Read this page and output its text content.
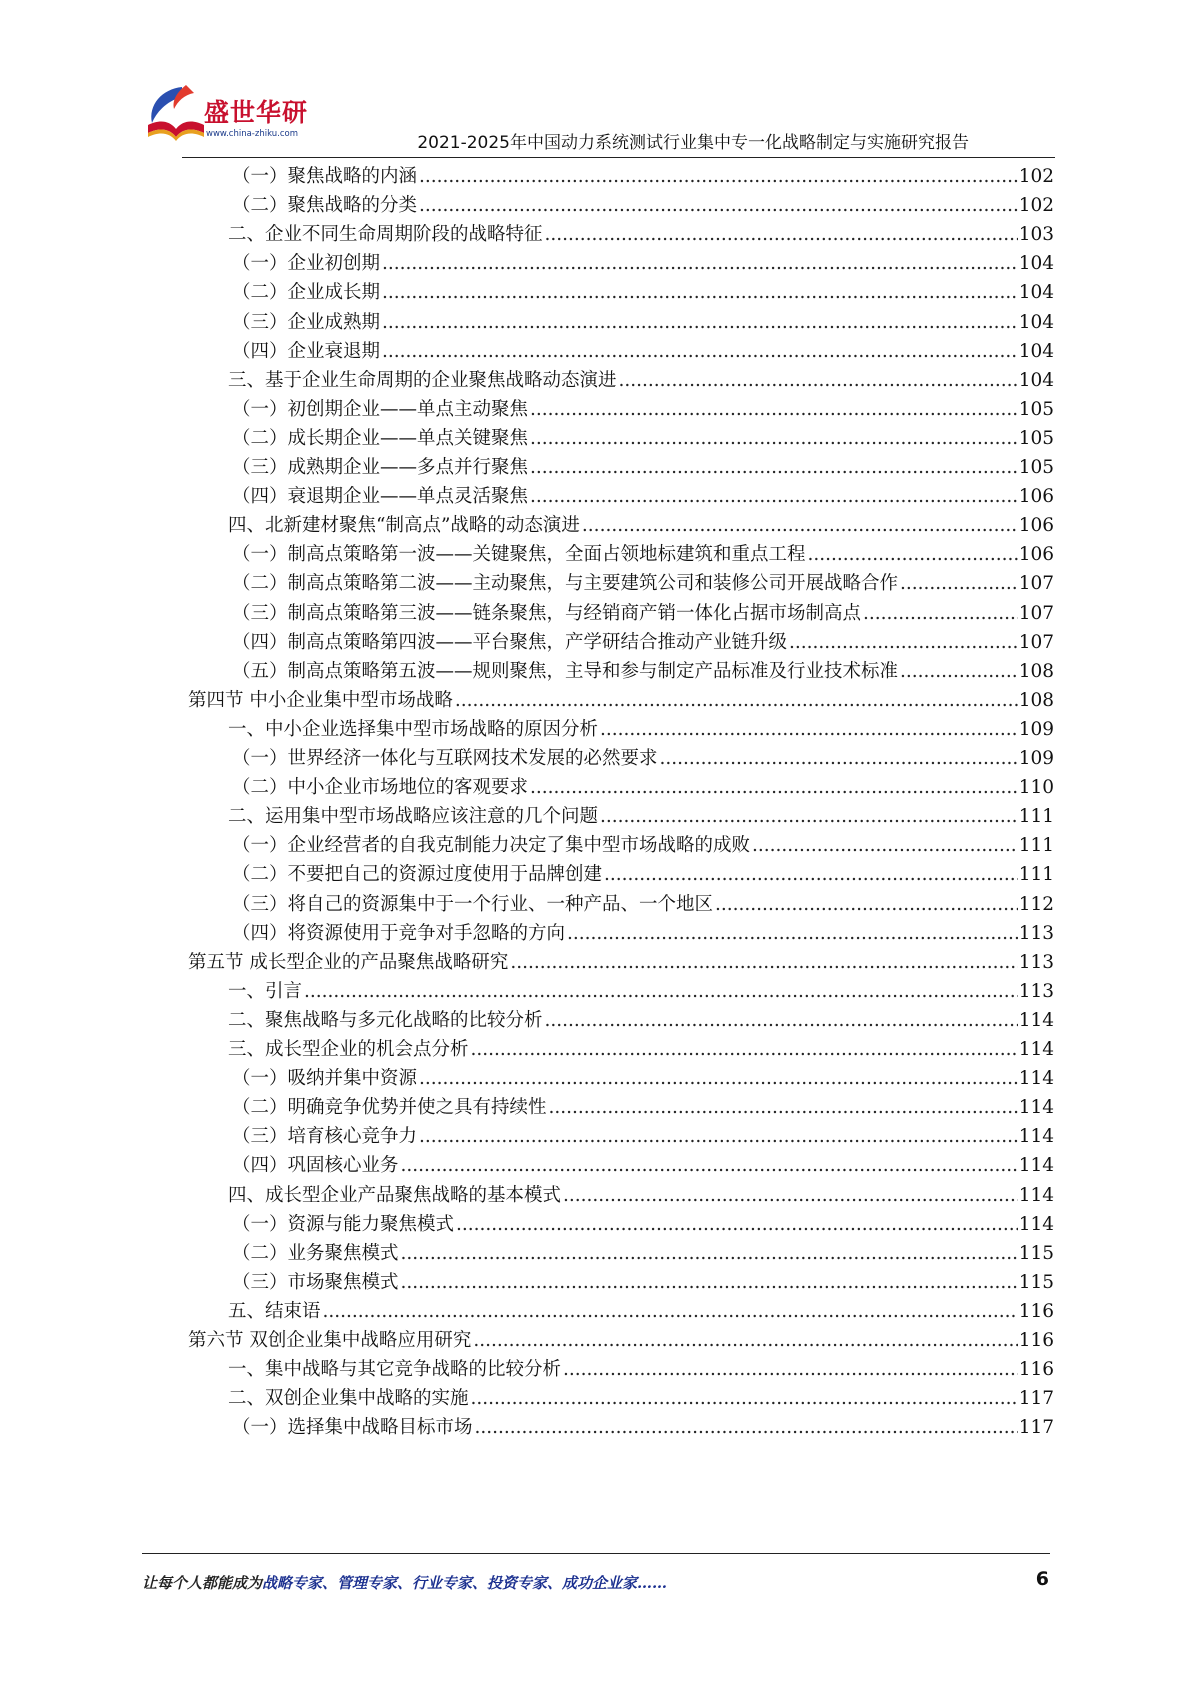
盛世华研
www.china-zhiku.com	2021-2025年中国动力系统测试行业集中专一化战略制定与实施研究报告
（一）聚焦战略的内涵 .....	102
（二）聚焦战略的分类 .....	102
二、企业不同生命周期阶段的战略特征 .....	103
（一）企业初创期 .....	104
（二）企业成长期 .....	104
（三）企业成熟期 .....	104
（四）企业衰退期 .....	104
三、基于企业生命周期的企业聚焦战略动态演进 .....	104
（一）初创期企业——单点主动聚焦 .....	105
（二）成长期企业——单点关键聚焦 .....	105
（三）成熟期企业——多点并行聚焦 .....	105
（四）衰退期企业——单点灵活聚焦 .....	106
四、北新建材聚焦“制高点”战略的动态演进 .....	106
（一）制高点策略第一波——关键聚焦，全面占领地标建筑和重点工程 .....	106
（二）制高点策略第二波——主动聚焦，与主要建筑公司和装修公司开展战略合作 .....	107
（三）制高点策略第三波——链条聚焦，与经销商产销一体化占据市场制高点 .....	107
（四）制高点策略第四波——平台聚焦，产学研结合推动产业链升级 .....	107
（五）制高点策略第五波——规则聚焦，主导和参与制定产品标准及行业技术标准 .....	108
第四节 中小企业集中型市场战略 .....	108
一、中小企业选择集中型市场战略的原因分析 .....	109
（一）世界经济一体化与互联网技术发展的必然要求 .....	109
（二）中小企业市场地位的客观要求 .....	110
二、运用集中型市场战略应该注意的几个问题 .....	111
（一）企业经营者的自我克制能力决定了集中型市场战略的成败 .....	111
（二）不要把自己的资源过度使用于品牌创建 .....	111
（三）将自己的资源集中于一个行业、一种产品、一个地区 .....	112
（四）将资源使用于竞争对手忽略的方向 .....	113
第五节 成长型企业的产品聚焦战略研究 .....	113
一、引言 .....	113
二、聚焦战略与多元化战略的比较分析 .....	114
三、成长型企业的机会点分析 .....	114
（一）吸纳并集中资源 .....	114
（二）明确竞争优势并使之具有持续性 .....	114
（三）培育核心竞争力 .....	114
（四）巩固核心业务 .....	114
四、成长型企业产品聚焦战略的基本模式 .....	114
（一）资源与能力聚焦模式 .....	114
（二）业务聚焦模式 .....	115
（三）市场聚焦模式 .....	115
五、结束语 .....	116
第六节 双创企业集中战略应用研究 .....	116
一、集中战略与其它竞争战略的比较分析 .....	116
二、双创企业集中战略的实施 .....	117
（一）选择集中战略目标市场 .....	117
让每个人都能成为战略专家、管理专家、行业专家、投资专家、成功企业家……	6
